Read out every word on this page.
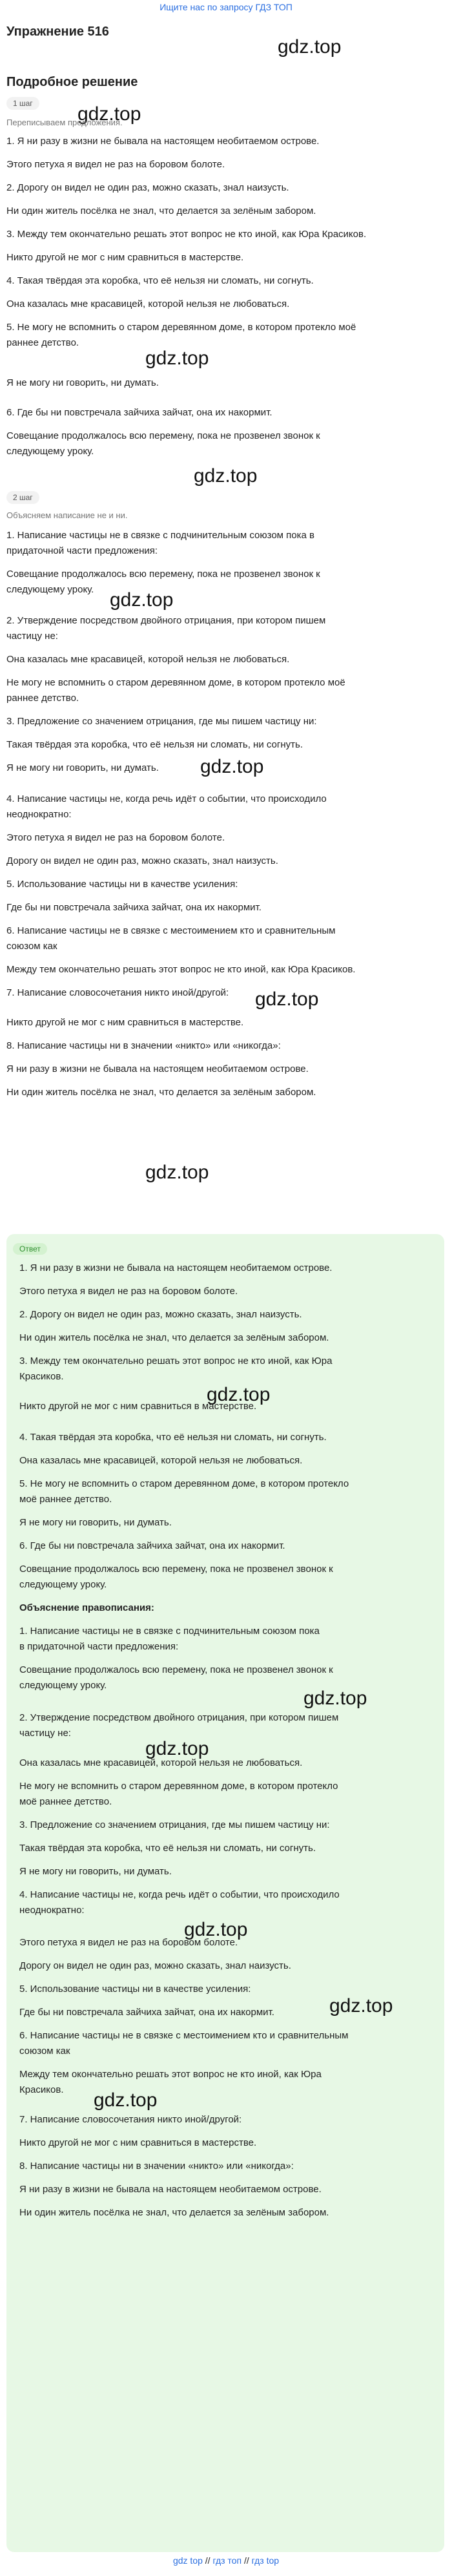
Ищите нас по запросу ГДЗ ТОП
Упражнение 516
gdz.top
Подробное решение
1 шаг	gdz.top
Переписываем предложения.
1. Я ни разу в жизни не бывала на настоящем необитаемом острове.
Этого петуха я видел не раз на боровом болоте.
2. Дорогу он видел не один раз, можно сказать, знал наизусть.
Ни один житель посёлка не знал, что делается за зелёным забором.
3. Между тем окончательно решать этот вопрос не кто иной, как Юра Красиков.
Никто другой не мог с ним сравниться в мастерстве.
4. Такая твёрдая эта коробка, что её нельзя ни сломать, ни согнуть.
Она казалась мне красавицей, которой нельзя не любоваться.
5. Не могу не вспомнить о старом деревянном доме, в котором протекло моё
раннее детство.
gdz.top
Я не могу ни говорить, ни думать.
6. Где бы ни повстречала зайчиха зайчат, она их накормит.
Совещание продолжалось всю перемену, пока не прозвенел звонок к
следующему уроку.
gdz.top
2 шаг
Объясняем написание не и ни.
1. Написание частицы не в связке с подчинительным союзом пока в
придаточной части предложения:
Совещание продолжалось всю перемену, пока не прозвенел звонок к
следующему уроку. gdz.top
2. Утверждение посредством двойного отрицания, при котором пишем
частицу не:
Она казалась мне красавицей, которой нельзя не любоваться.
Не могу не вспомнить о старом деревянном доме, в котором протекло моё
раннее детство.
3. Предложение со значением отрицания, где мы пишем частицу ни:
Такая твёрдая эта коробка, что её нельзя ни сломать, ни согнуть.
Я не могу ни говорить, ни думать.	gdz.top
4. Написание частицы не, когда речь идёт о событии, что происходило
неоднократно:
Этого петуха я видел не раз на боровом болоте.
Дорогу он видел не один раз, можно сказать, знал наизусть.
5. Использование частицы ни в качестве усиления:
Где бы ни повстречала зайчиха зайчат, она их накормит.
6. Написание частицы не в связке с местоимением кто и сравнительным
союзом как
Между тем окончательно решать этот вопрос не кто иной, как Юра Красиков.
7. Написание словосочетания никто иной/другой:	gdz.top
Никто другой не мог с ним сравниться в мастерстве.
8. Написание частицы ни в значении «никто» или «никогда»:
Я ни разу в жизни не бывала на настоящем необитаемом острове.
Ни один житель посёлка не знал, что делается за зелёным забором.
gdz.top
Ответ
1. Я ни разу в жизни не бывала на настоящем необитаемом острове.
Этого петуха я видел не раз на боровом болоте.
2. Дорогу он видел не один раз, можно сказать, знал наизусть.
Ни один житель посёлка не знал, что делается за зелёным забором.
3. Между тем окончательно решать этот вопрос не кто иной, как Юра
Красиков.
gdz.top
Никто другой не мог с ним сравниться в мастерстве.
4. Такая твёрдая эта коробка, что её нельзя ни сломать, ни согнуть.
Она казалась мне красавицей, которой нельзя не любоваться.
5. Не могу не вспомнить о старом деревянном доме, в котором протекло
моё раннее детство.
Я не могу ни говорить, ни думать.
6. Где бы ни повстречала зайчиха зайчат, она их накормит.
Совещание продолжалось всю перемену, пока не прозвенел звонок к
следующему уроку.
Объяснение правописания:
1. Написание частицы не в связке с подчинительным союзом пока
в придаточной части предложения:
Совещание продолжалось всю перемену, пока не прозвенел звонок к
следующему уроку.
gdz.top
2. Утверждение посредством двойного отрицания, при котором пишем
частицу не:
gdz.top
Она казалась мне красавицей, которой нельзя не любоваться.
Не могу не вспомнить о старом деревянном доме, в котором протекло
моё раннее детство.
3. Предложение со значением отрицания, где мы пишем частицу ни:
Такая твёрдая эта коробка, что её нельзя ни сломать, ни согнуть.
Я не могу ни говорить, ни думать.
4. Написание частицы не, когда речь идёт о событии, что происходило
неоднократно:
gdz.top
Этого петуха я видел не раз на боровом болоте.
Дорогу он видел не один раз, можно сказать, знал наизусть.
5. Использование частицы ни в качестве усиления:
Где бы ни повстречала зайчиха зайчат, она их накормит.	gdz.top
6. Написание частицы не в связке с местоимением кто и сравнительным
союзом как
Между тем окончательно решать этот вопрос не кто иной, как Юра
Красиков.	gdz.top
7. Написание словосочетания никто иной/другой:
Никто другой не мог с ним сравниться в мастерстве.
8. Написание частицы ни в значении «никто» или «никогда»:
Я ни разу в жизни не бывала на настоящем необитаемом острове.
Ни один житель посёлка не знал, что делается за зелёным забором.
gdz top // гдз топ // гдз top
